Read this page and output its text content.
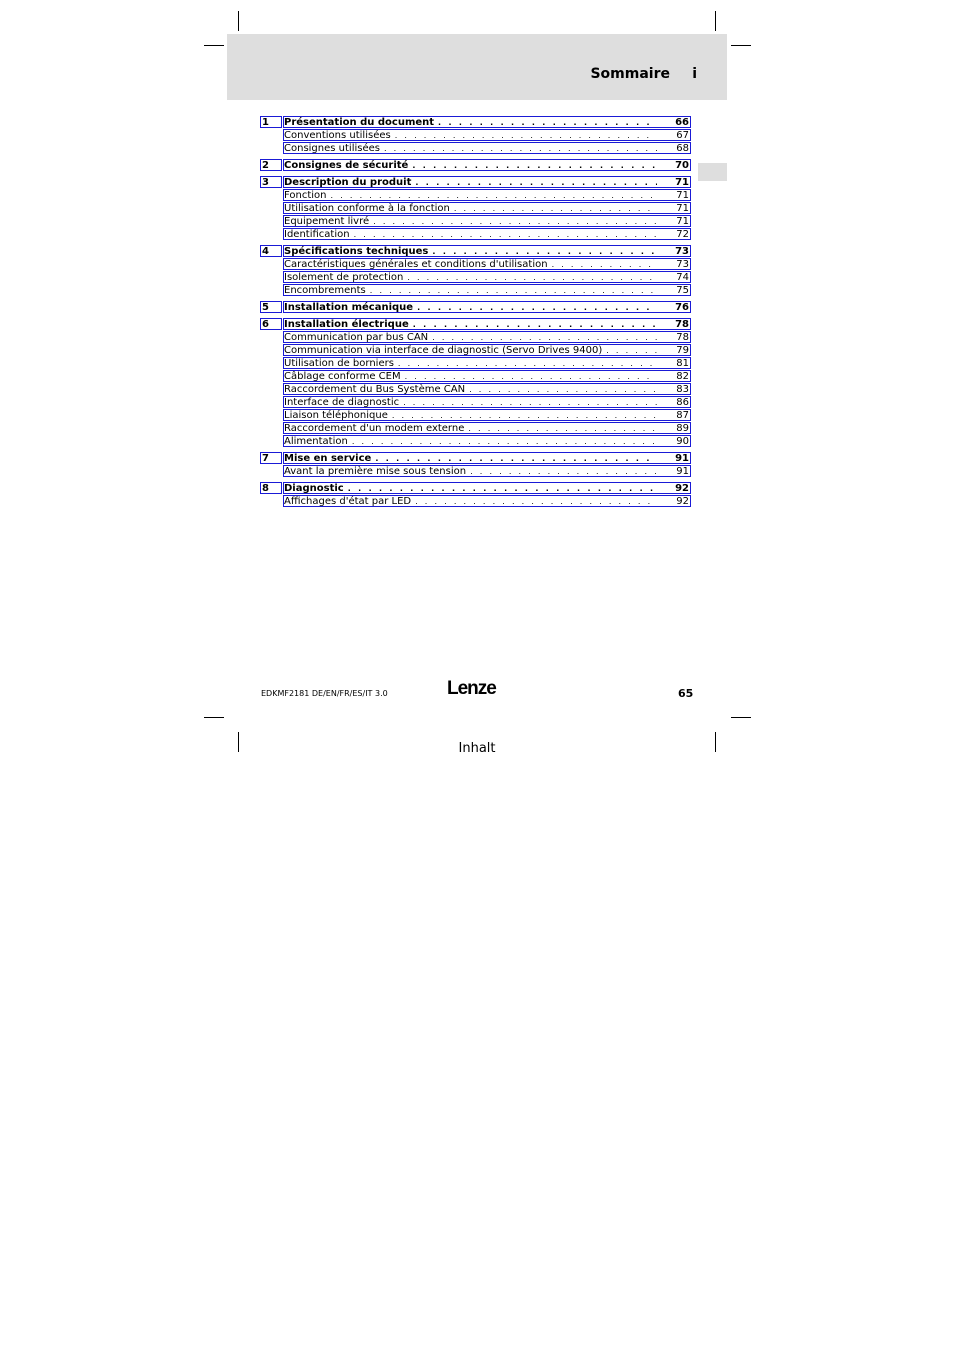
Sommaire i
1	Présentation du document . . .	66
Conventions utilisées . . .	67
Consignes utilisées . . .	68
2	Consignes de sécurité . . .	70
3	Description du produit . . .	71
Fonction . . .	71
Utilisation conforme à la fonction . . .	71
Equipement livré . . .	71
Identification . . .	72
4	Spécifications techniques . . .	73
Caractéristiques générales et conditions d'utilisation . . .	73
Isolement de protection . . .	74
Encombrements . . .	75
5	Installation mécanique . . .	76
6	Installation électrique . . .	78
Communication par bus CAN . . .	78
Communication via interface de diagnostic (Servo Drives 9400) . . .	79
Utilisation de borniers . . .	81
Câblage conforme CEM . . .	82
Raccordement du Bus Système CAN . . .	83
Interface de diagnostic . . .	86
Liaison téléphonique . . .	87
Raccordement d'un modem externe . . .	89
Alimentation . . .	90
7	Mise en service . . .	91
Avant la première mise sous tension . . .	91
8	Diagnostic . . .	92
Affichages d'état par LED . . .	92
EDKMF2181 DE/EN/FR/ES/IT 3.0	Lenze	65
Inhalt
